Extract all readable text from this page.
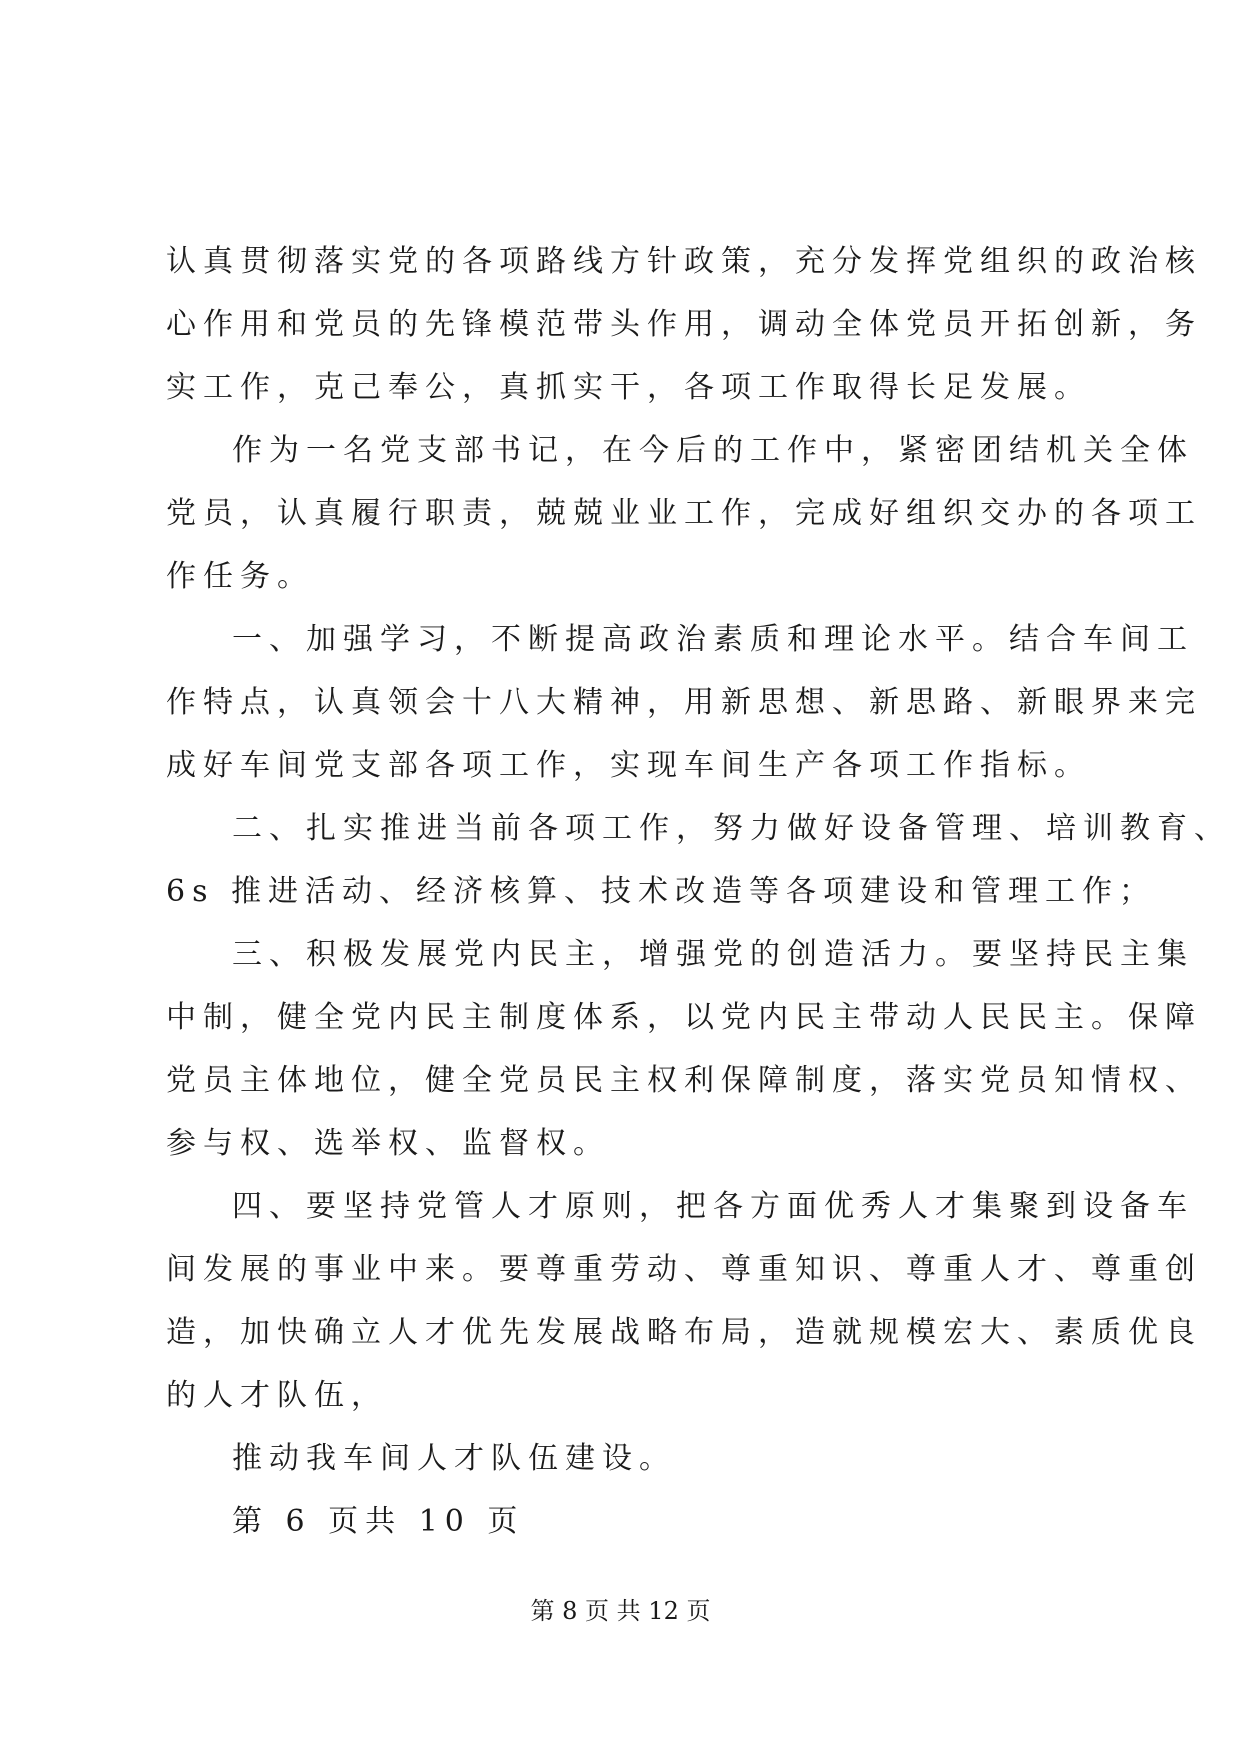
认真贯彻落实党的各项路线方针政策，充分发挥党组织的政治核
心作用和党员的先锋模范带头作用，调动全体党员开拓创新，务
实工作，克己奉公，真抓实干，各项工作取得长足发展。
作为一名党支部书记，在今后的工作中，紧密团结机关全体
党员，认真履行职责，兢兢业业工作，完成好组织交办的各项工
作任务。
一、加强学习，不断提高政治素质和理论水平。结合车间工
作特点，认真领会十八大精神，用新思想、新思路、新眼界来完
成好车间党支部各项工作，实现车间生产各项工作指标。
二、扎实推进当前各项工作，努力做好设备管理、培训教育、
6s 推进活动、经济核算、技术改造等各项建设和管理工作；
三、积极发展党内民主，增强党的创造活力。要坚持民主集
中制，健全党内民主制度体系，以党内民主带动人民民主。保障
党员主体地位，健全党员民主权利保障制度，落实党员知情权、
参与权、选举权、监督权。
四、要坚持党管人才原则，把各方面优秀人才集聚到设备车
间发展的事业中来。要尊重劳动、尊重知识、尊重人才、尊重创
造，加快确立人才优先发展战略布局，造就规模宏大、素质优良
的人才队伍，
推动我车间人才队伍建设。
第 6 页共 10 页
第 8 页 共 12 页
